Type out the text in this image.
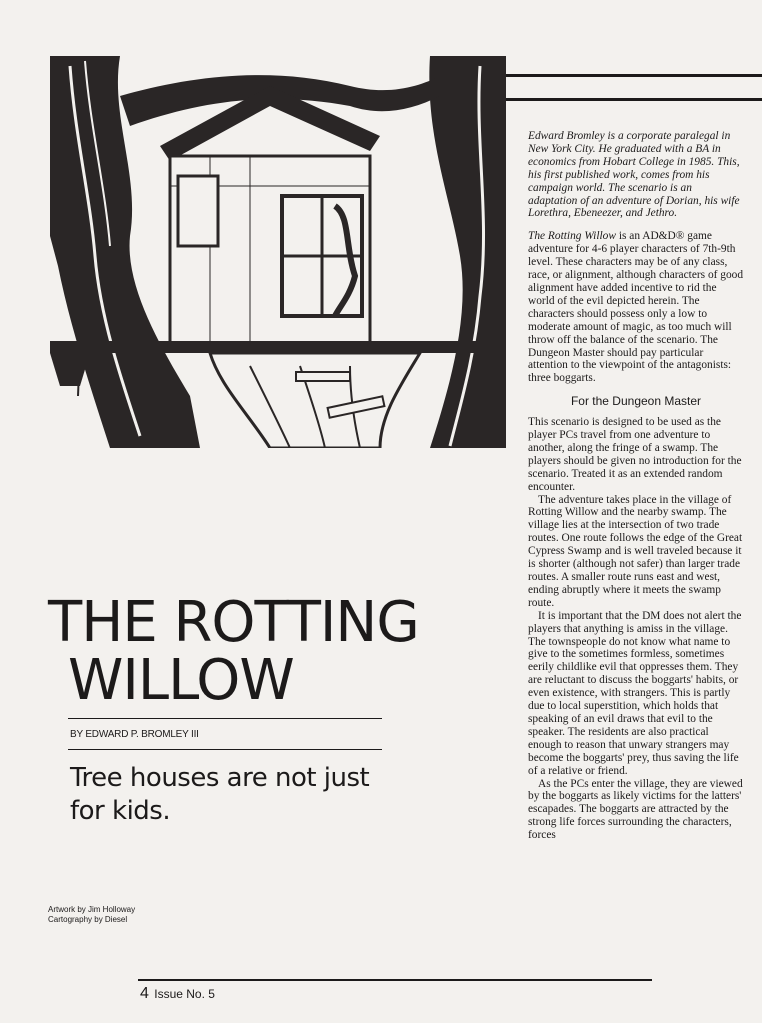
THE ROTTING
WILLOW
BY EDWARD P. BROMLEY III
Tree houses are not just for kids.
Artwork by Jim Holloway
Cartography by Diesel

Edward Bromley is a corporate paralegal in New York City. He graduated with a BA in economics from Hobart College in 1985. This, his first published work, comes from his campaign world. The scenario is an adaptation of an adventure of Dorian, his wife Lorethra, Ebeneezer, and Jethro.

The Rotting Willow is an AD&D® game adventure for 4-6 player characters of 7th-9th level. These characters may be of any class, race, or alignment, although characters of good alignment have added incentive to rid the world of the evil depicted herein. The characters should possess only a low to moderate amount of magic, as too much will throw off the balance of the scenario. The Dungeon Master should pay particular attention to the viewpoint of the antagonists: three boggarts.

For the Dungeon Master

This scenario is designed to be used as the player PCs travel from one adventure to another, along the fringe of a swamp. The players should be given no introduction for the scenario. Treated it as an extended random encounter.

The adventure takes place in the village of Rotting Willow and the nearby swamp. The village lies at the intersection of two trade routes. One route follows the edge of the Great Cypress Swamp and is well traveled because it is shorter (although not safer) than larger trade routes. A smaller route runs east and west, ending abruptly where it meets the swamp route.

It is important that the DM does not alert the players that anything is amiss in the village. The townspeople do not know what name to give to the sometimes formless, sometimes eerily childlike evil that oppresses them. They are reluctant to discuss the boggarts' habits, or even existence, with strangers. This is partly due to local superstition, which holds that speaking of an evil draws that evil to the speaker. The residents are also practical enough to reason that unwary strangers may become the boggarts' prey, thus saving the life of a relative or friend.

As the PCs enter the village, they are viewed by the boggarts as likely victims for the latters' escapades. The boggarts are attracted by the strong life forces surrounding the characters, forces

4 Issue No. 5
